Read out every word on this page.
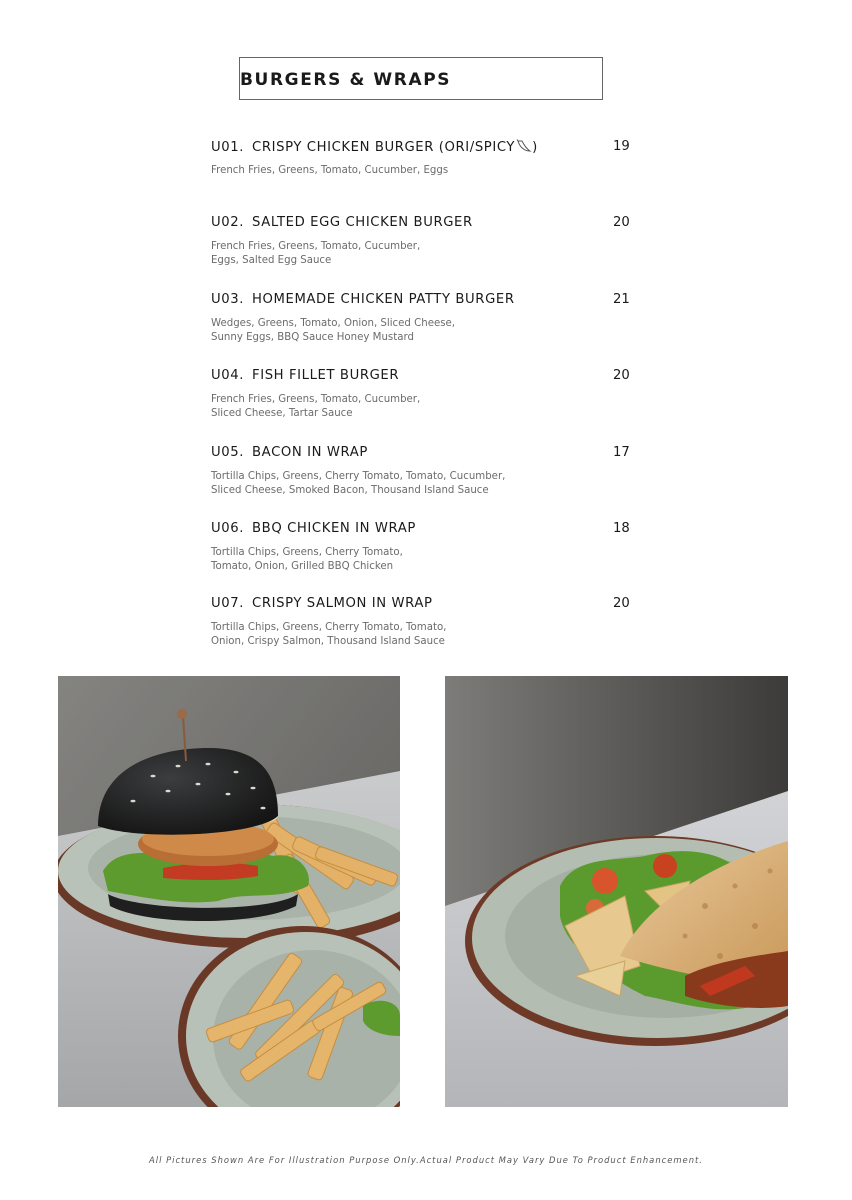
BURGERS & WRAPS
U01. CRISPY CHICKEN BURGER (ORI/SPICY )	19
French Fries, Greens, Tomato, Cucumber, Eggs
U02. SALTED EGG CHICKEN BURGER	20
French Fries, Greens, Tomato, Cucumber,
Eggs, Salted Egg Sauce
U03. HOMEMADE CHICKEN PATTY BURGER	21
Wedges, Greens, Tomato, Onion, Sliced Cheese,
Sunny Eggs, BBQ Sauce Honey Mustard
U04. FISH FILLET BURGER	20
French Fries, Greens, Tomato, Cucumber,
Sliced Cheese, Tartar Sauce
U05. BACON IN WRAP	17
Tortilla Chips, Greens, Cherry Tomato, Tomato, Cucumber,
Sliced Cheese, Smoked Bacon, Thousand Island Sauce
U06. BBQ CHICKEN IN WRAP	18
Tortilla Chips, Greens, Cherry Tomato,
Tomato, Onion, Grilled BBQ Chicken
U07. CRISPY SALMON IN WRAP	20
Tortilla Chips, Greens, Cherry Tomato, Tomato,
Onion, Crispy Salmon, Thousand Island Sauce
All Pictures Shown Are For Illustration Purpose Only.Actual Product May Vary Due To Product Enhancement.
